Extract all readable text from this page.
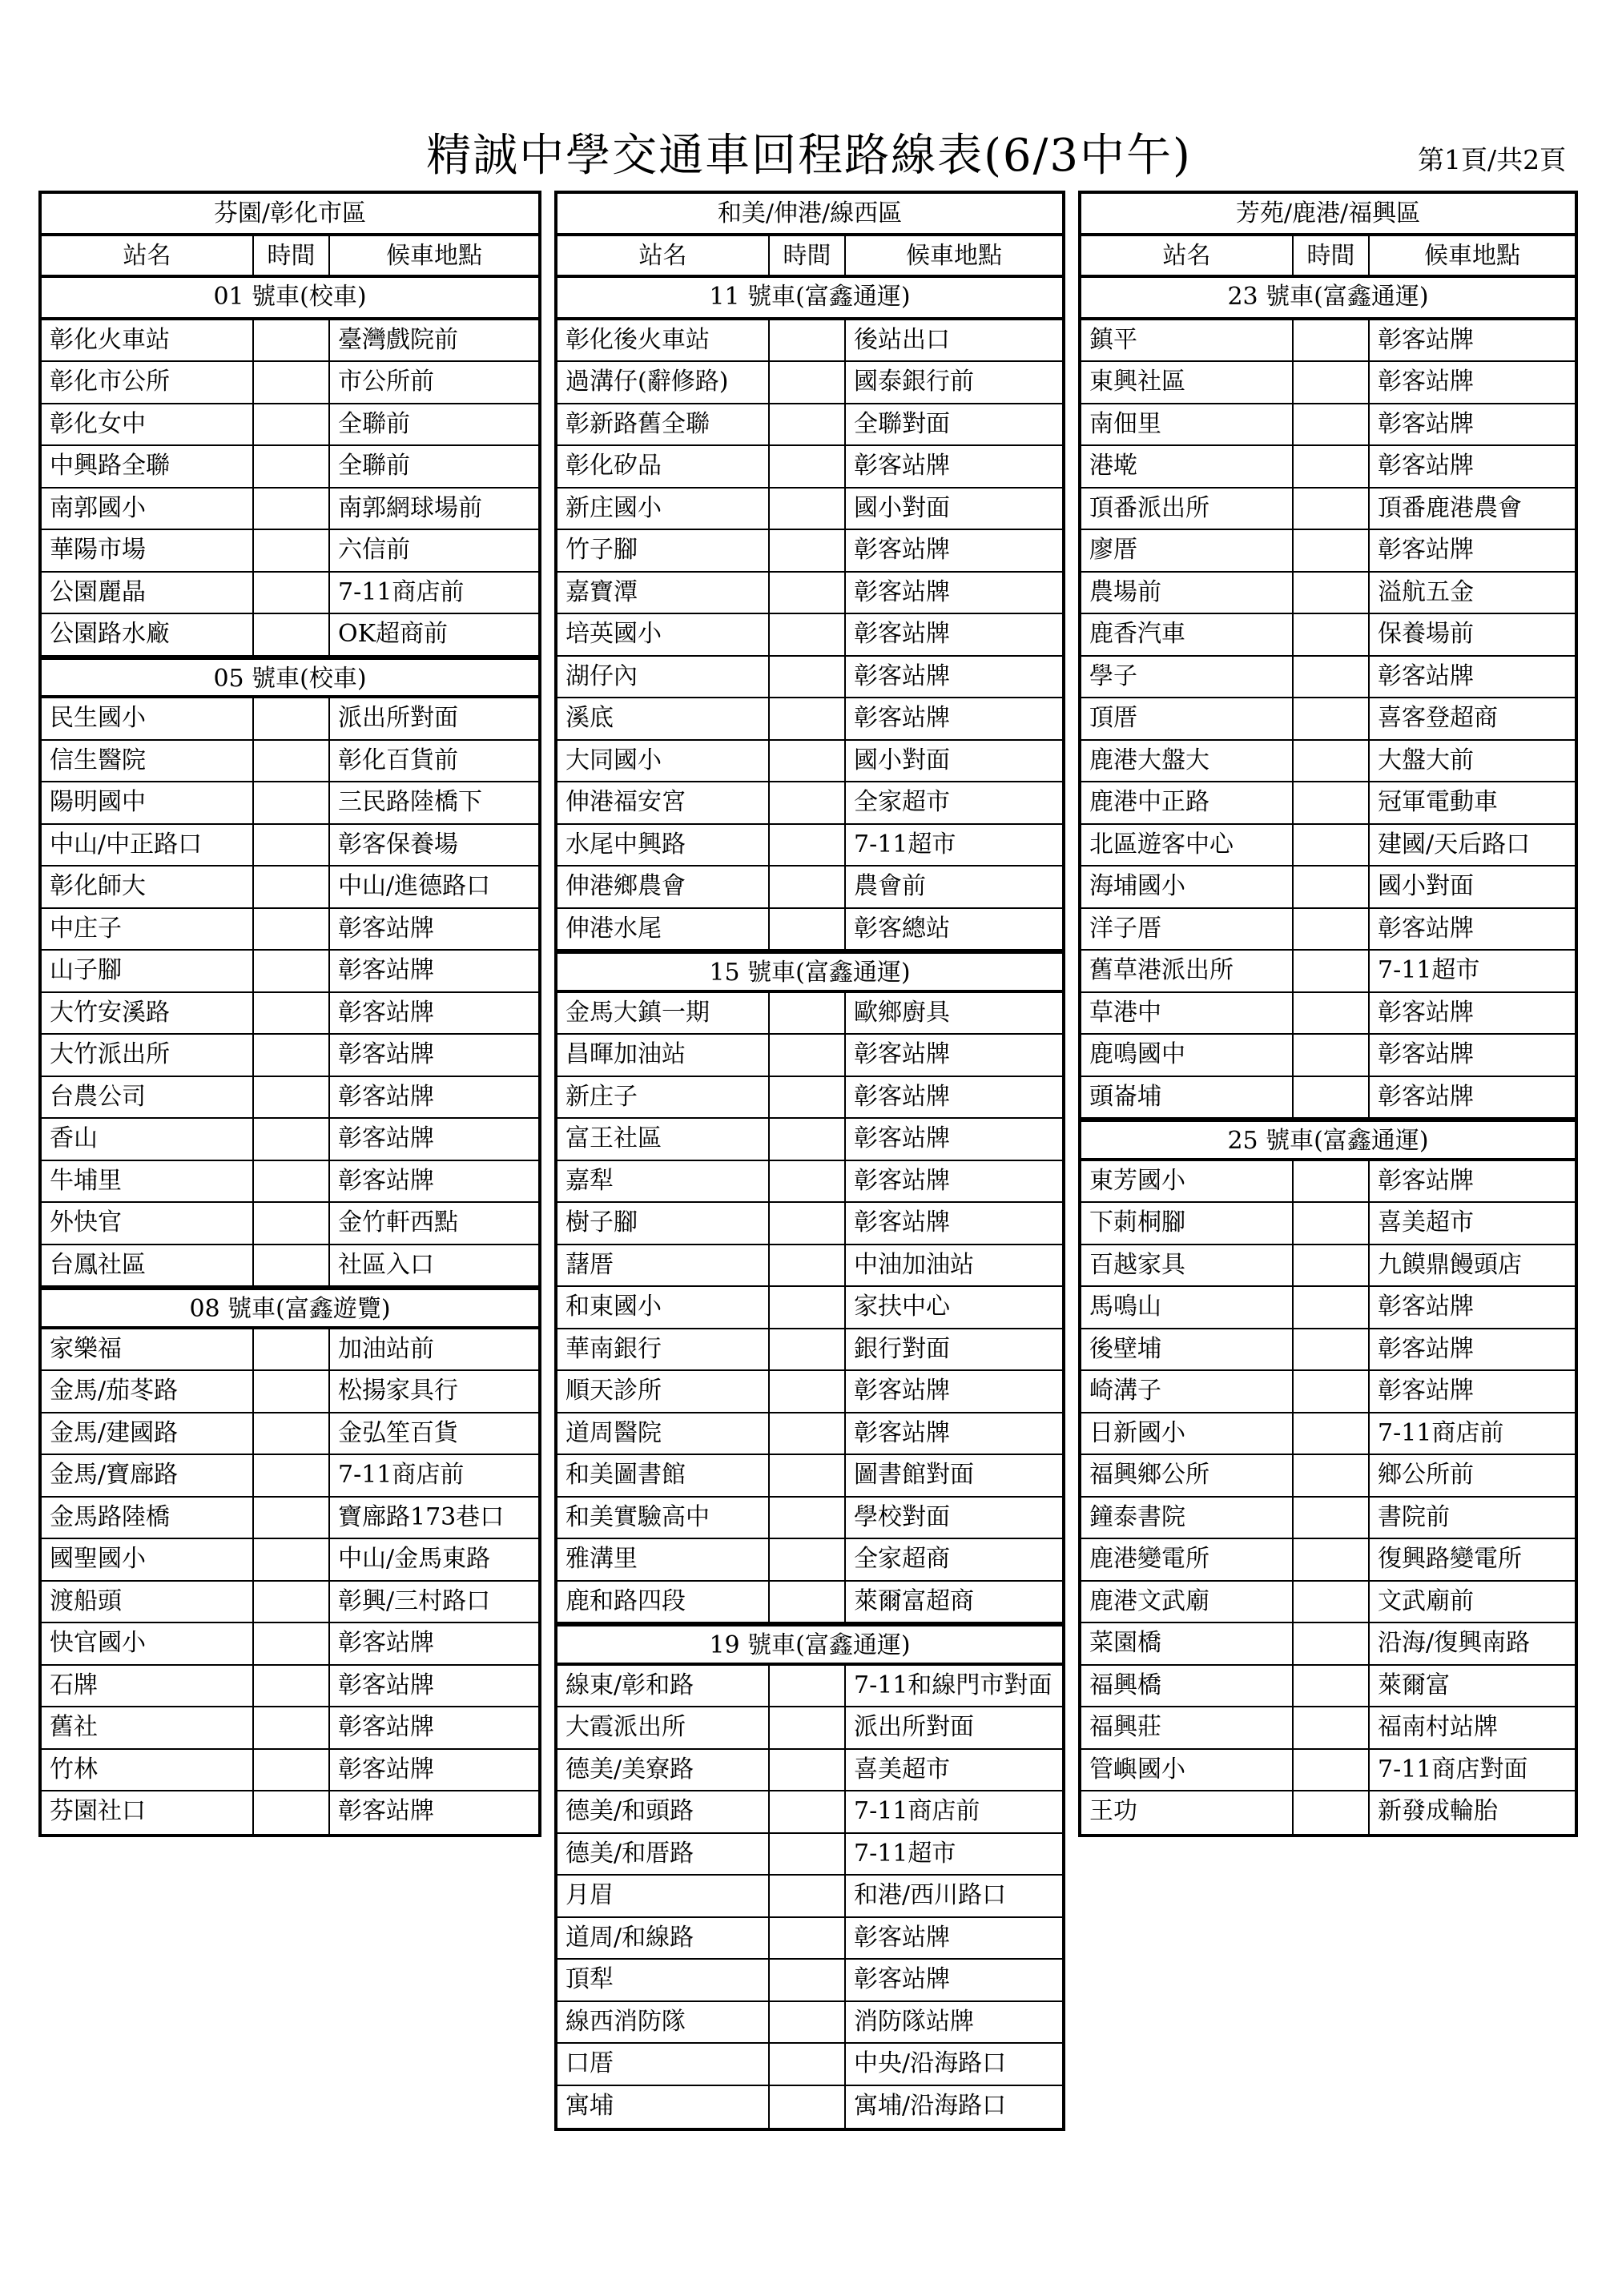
精誠中學交通車回程路線表(6/3中午)	第1頁/共2頁
芬園/彰化市區
站名	時間	候車地點
01 號車(校車)
彰化火車站	臺灣戲院前
彰化市公所	市公所前
彰化女中	全聯前
中興路全聯	全聯前
南郭國小	南郭網球場前
華陽市場	六信前
公園麗晶	7-11商店前
公園路水廠	OK超商前
05 號車(校車)
民生國小	派出所對面
信生醫院	彰化百貨前
陽明國中	三民路陸橋下
中山/中正路口	彰客保養場
彰化師大	中山/進德路口
中庄子	彰客站牌
山子腳	彰客站牌
大竹安溪路	彰客站牌
大竹派出所	彰客站牌
台農公司	彰客站牌
香山	彰客站牌
牛埔里	彰客站牌
外快官	金竹軒西點
台鳳社區	社區入口
08 號車(富鑫遊覽)
家樂福	加油站前
金馬/茄苳路	松揚家具行
金馬/建國路	金弘笙百貨
金馬/寶廍路	7-11商店前
金馬路陸橋	寶廍路173巷口
國聖國小	中山/金馬東路
渡船頭	彰興/三村路口
快官國小	彰客站牌
石牌	彰客站牌
舊社	彰客站牌
竹林	彰客站牌
芬園社口	彰客站牌
和美/伸港/線西區
站名	時間	候車地點
11 號車(富鑫通運)
彰化後火車站	後站出口
過溝仔(辭修路)	國泰銀行前
彰新路舊全聯	全聯對面
彰化矽品	彰客站牌
新庄國小	國小對面
竹子腳	彰客站牌
嘉寶潭	彰客站牌
培英國小	彰客站牌
湖仔內	彰客站牌
溪底	彰客站牌
大同國小	國小對面
伸港福安宮	全家超市
水尾中興路	7-11超市
伸港鄉農會	農會前
伸港水尾	彰客總站
15 號車(富鑫通運)
金馬大鎮一期	歐鄉廚具
昌暉加油站	彰客站牌
新庄子	彰客站牌
富王社區	彰客站牌
嘉犁	彰客站牌
樹子腳	彰客站牌
藷厝	中油加油站
和東國小	家扶中心
華南銀行	銀行對面
順天診所	彰客站牌
道周醫院	彰客站牌
和美圖書館	圖書館對面
和美實驗高中	學校對面
雅溝里	全家超商
鹿和路四段	萊爾富超商
19 號車(富鑫通運)
線東/彰和路	7-11和線門市對面
大霞派出所	派出所對面
德美/美寮路	喜美超市
德美/和頭路	7-11商店前
德美/和厝路	7-11超市
月眉	和港/西川路口
道周/和線路	彰客站牌
頂犁	彰客站牌
線西消防隊	消防隊站牌
口厝	中央/沿海路口
寓埔	寓埔/沿海路口
芳苑/鹿港/福興區
站名	時間	候車地點
23 號車(富鑫通運)
鎮平	彰客站牌
東興社區	彰客站牌
南佃里	彰客站牌
港墘	彰客站牌
頂番派出所	頂番鹿港農會
廖厝	彰客站牌
農場前	溢航五金
鹿香汽車	保養場前
學子	彰客站牌
頂厝	喜客登超商
鹿港大盤大	大盤大前
鹿港中正路	冠軍電動車
北區遊客中心	建國/天后路口
海埔國小	國小對面
洋子厝	彰客站牌
舊草港派出所	7-11超市
草港中	彰客站牌
鹿鳴國中	彰客站牌
頭崙埔	彰客站牌
25 號車(富鑫通運)
東芳國小	彰客站牌
下莿桐腳	喜美超市
百越家具	九饃鼎饅頭店
馬鳴山	彰客站牌
後壁埔	彰客站牌
崎溝子	彰客站牌
日新國小	7-11商店前
福興鄉公所	鄉公所前
鐘泰書院	書院前
鹿港變電所	復興路變電所
鹿港文武廟	文武廟前
菜園橋	沿海/復興南路
福興橋	萊爾富
福興莊	福南村站牌
管嶼國小	7-11商店對面
王功	新發成輪胎
